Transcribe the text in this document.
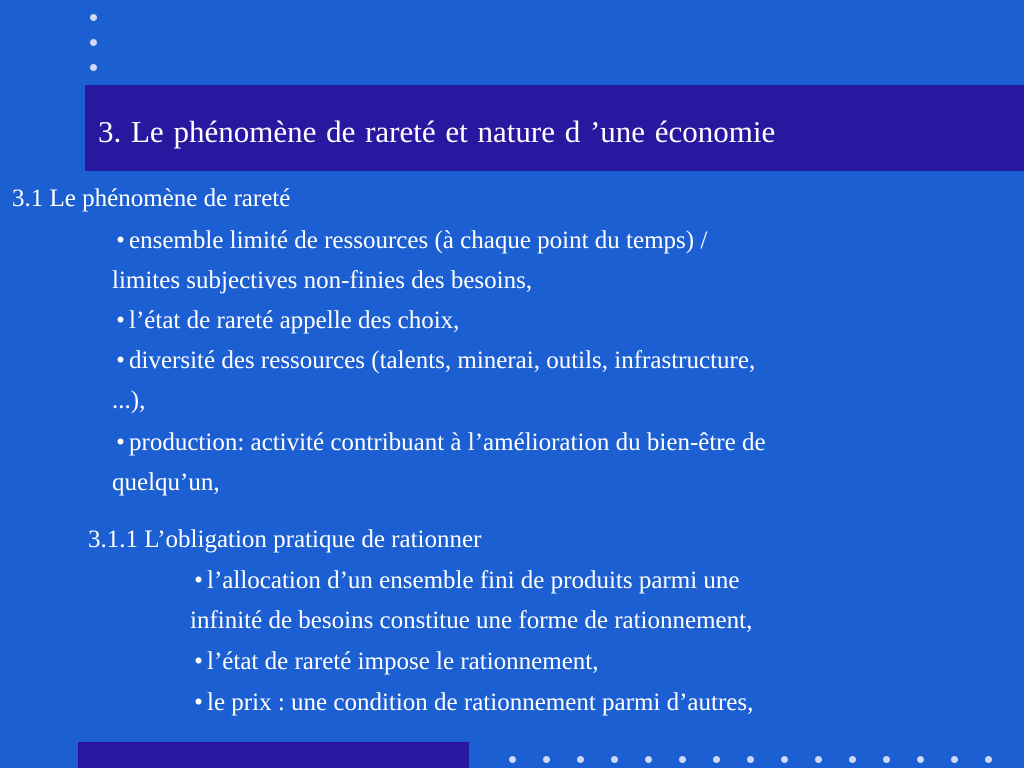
3. Le phénomène de rareté et nature d ’une économie
3.1 Le phénomène de rareté
• ensemble limité de ressources (à chaque point du temps) /
limites subjectives non-finies des besoins,
• l’état de rareté appelle des choix,
• diversité des ressources (talents, minerai, outils, infrastructure,
...),
• production: activité contribuant à l’amélioration du bien-être de
quelqu’un,
3.1.1 L’obligation pratique de rationner
• l’allocation d’un ensemble fini de produits parmi une
infinité de besoins constitue une forme de rationnement,
• l’état de rareté impose le rationnement,
• le prix : une condition de rationnement parmi d’autres,
